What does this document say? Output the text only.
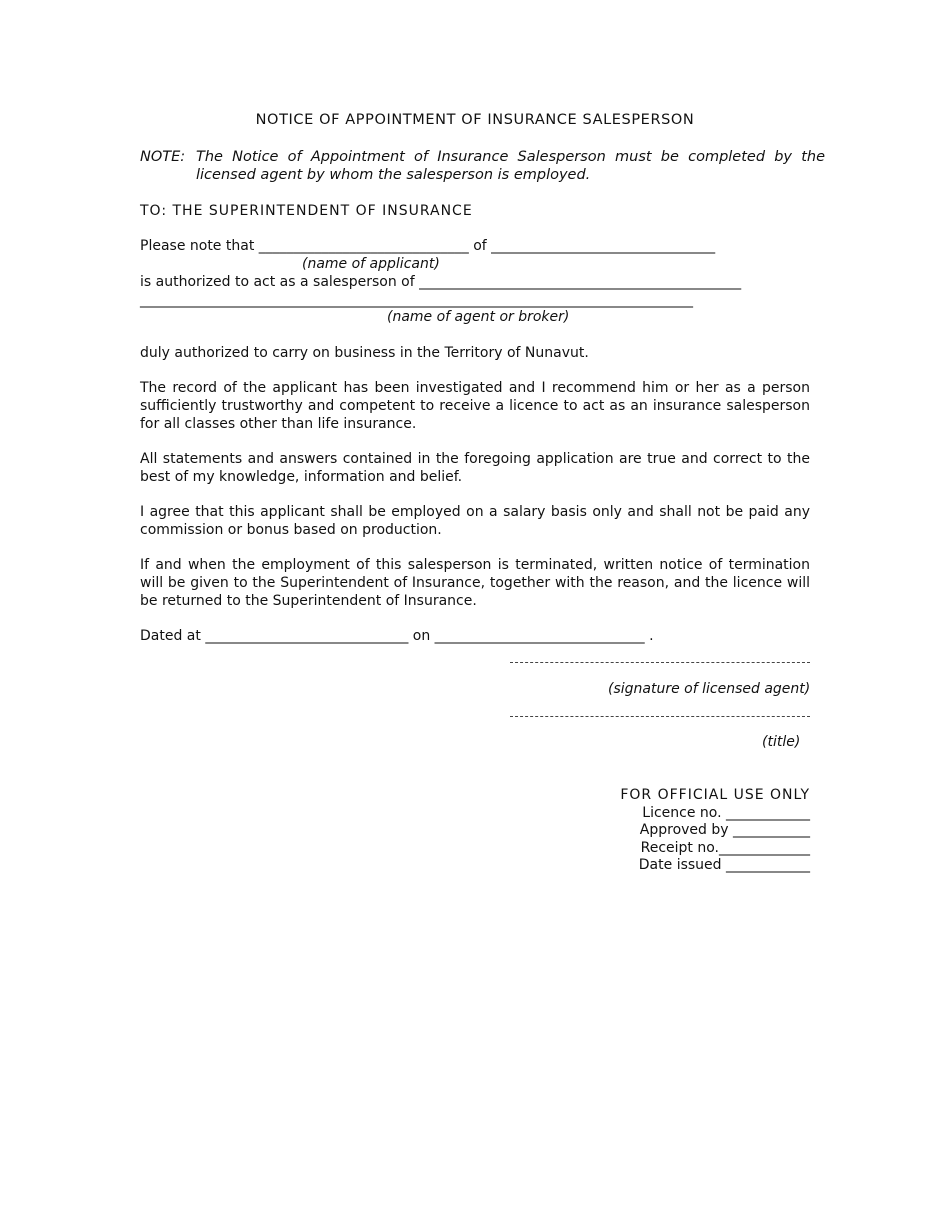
NOTICE OF APPOINTMENT OF INSURANCE SALESPERSON
NOTE: The Notice of Appointment of Insurance Salesperson must be completed by the licensed agent by whom the salesperson is employed.
TO: THE SUPERINTENDENT OF INSURANCE
Please note that ______________________________ of ________________________________
(name of applicant)
is authorized to act as a salesperson of ______________________________________________
_______________________________________________________________________________
(name of agent or broker)
duly authorized to carry on business in the Territory of Nunavut.
The record of the applicant has been investigated and I recommend him or her as a person sufficiently trustworthy and competent to receive a licence to act as an insurance salesperson for all classes other than life insurance.
All statements and answers contained in the foregoing application are true and correct to the best of my knowledge, information and belief.
I agree that this applicant shall be employed on a salary basis only and shall not be paid any commission or bonus based on production.
If and when the employment of this salesperson is terminated, written notice of termination will be given to the Superintendent of Insurance, together with the reason, and the licence will be returned to the Superintendent of Insurance.
Dated at _____________________________ on ______________________________ .
(signature of licensed agent)
(title)
FOR OFFICIAL USE ONLY
Licence no. ____________
Approved by ___________
Receipt no._____________
Date issued ____________
